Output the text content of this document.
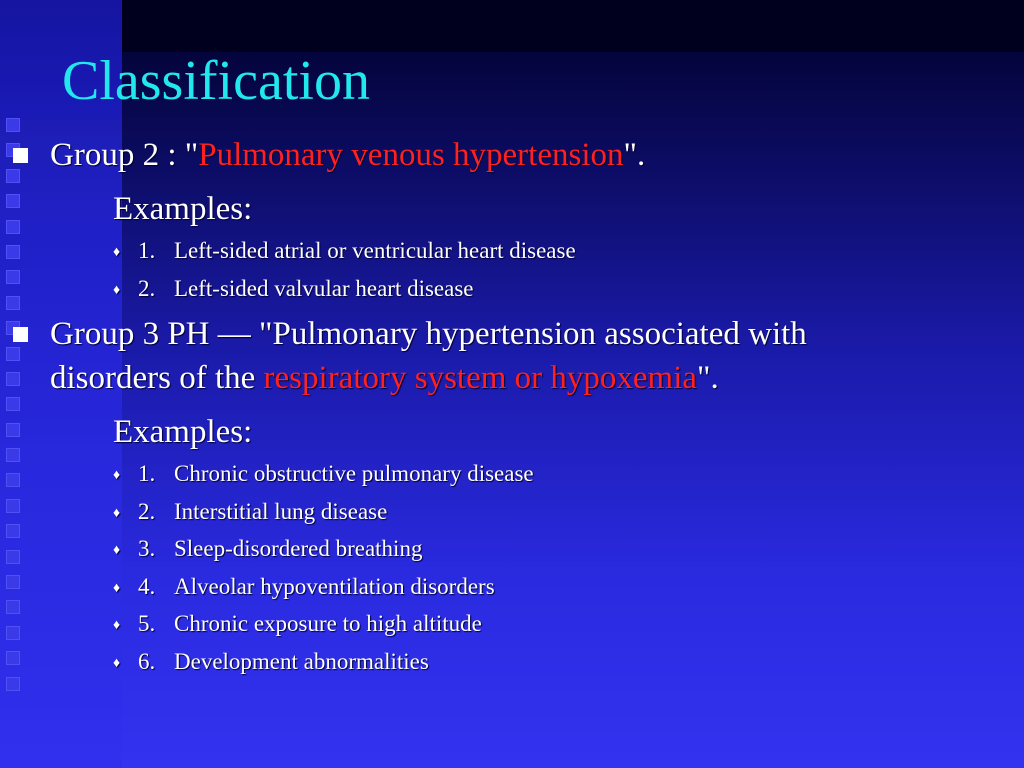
Classification
Group 2 : "Pulmonary venous hypertension".
Examples:
♦ 1. Left-sided atrial or ventricular heart disease
♦ 2. Left-sided valvular heart disease
Group 3 PH — "Pulmonary hypertension associated with
disorders of the respiratory system or hypoxemia".
Examples:
♦ 1. Chronic obstructive pulmonary disease
♦ 2. Interstitial lung disease
♦ 3. Sleep-disordered breathing
♦ 4. Alveolar hypoventilation disorders
♦ 5. Chronic exposure to high altitude
♦ 6. Development abnormalities
